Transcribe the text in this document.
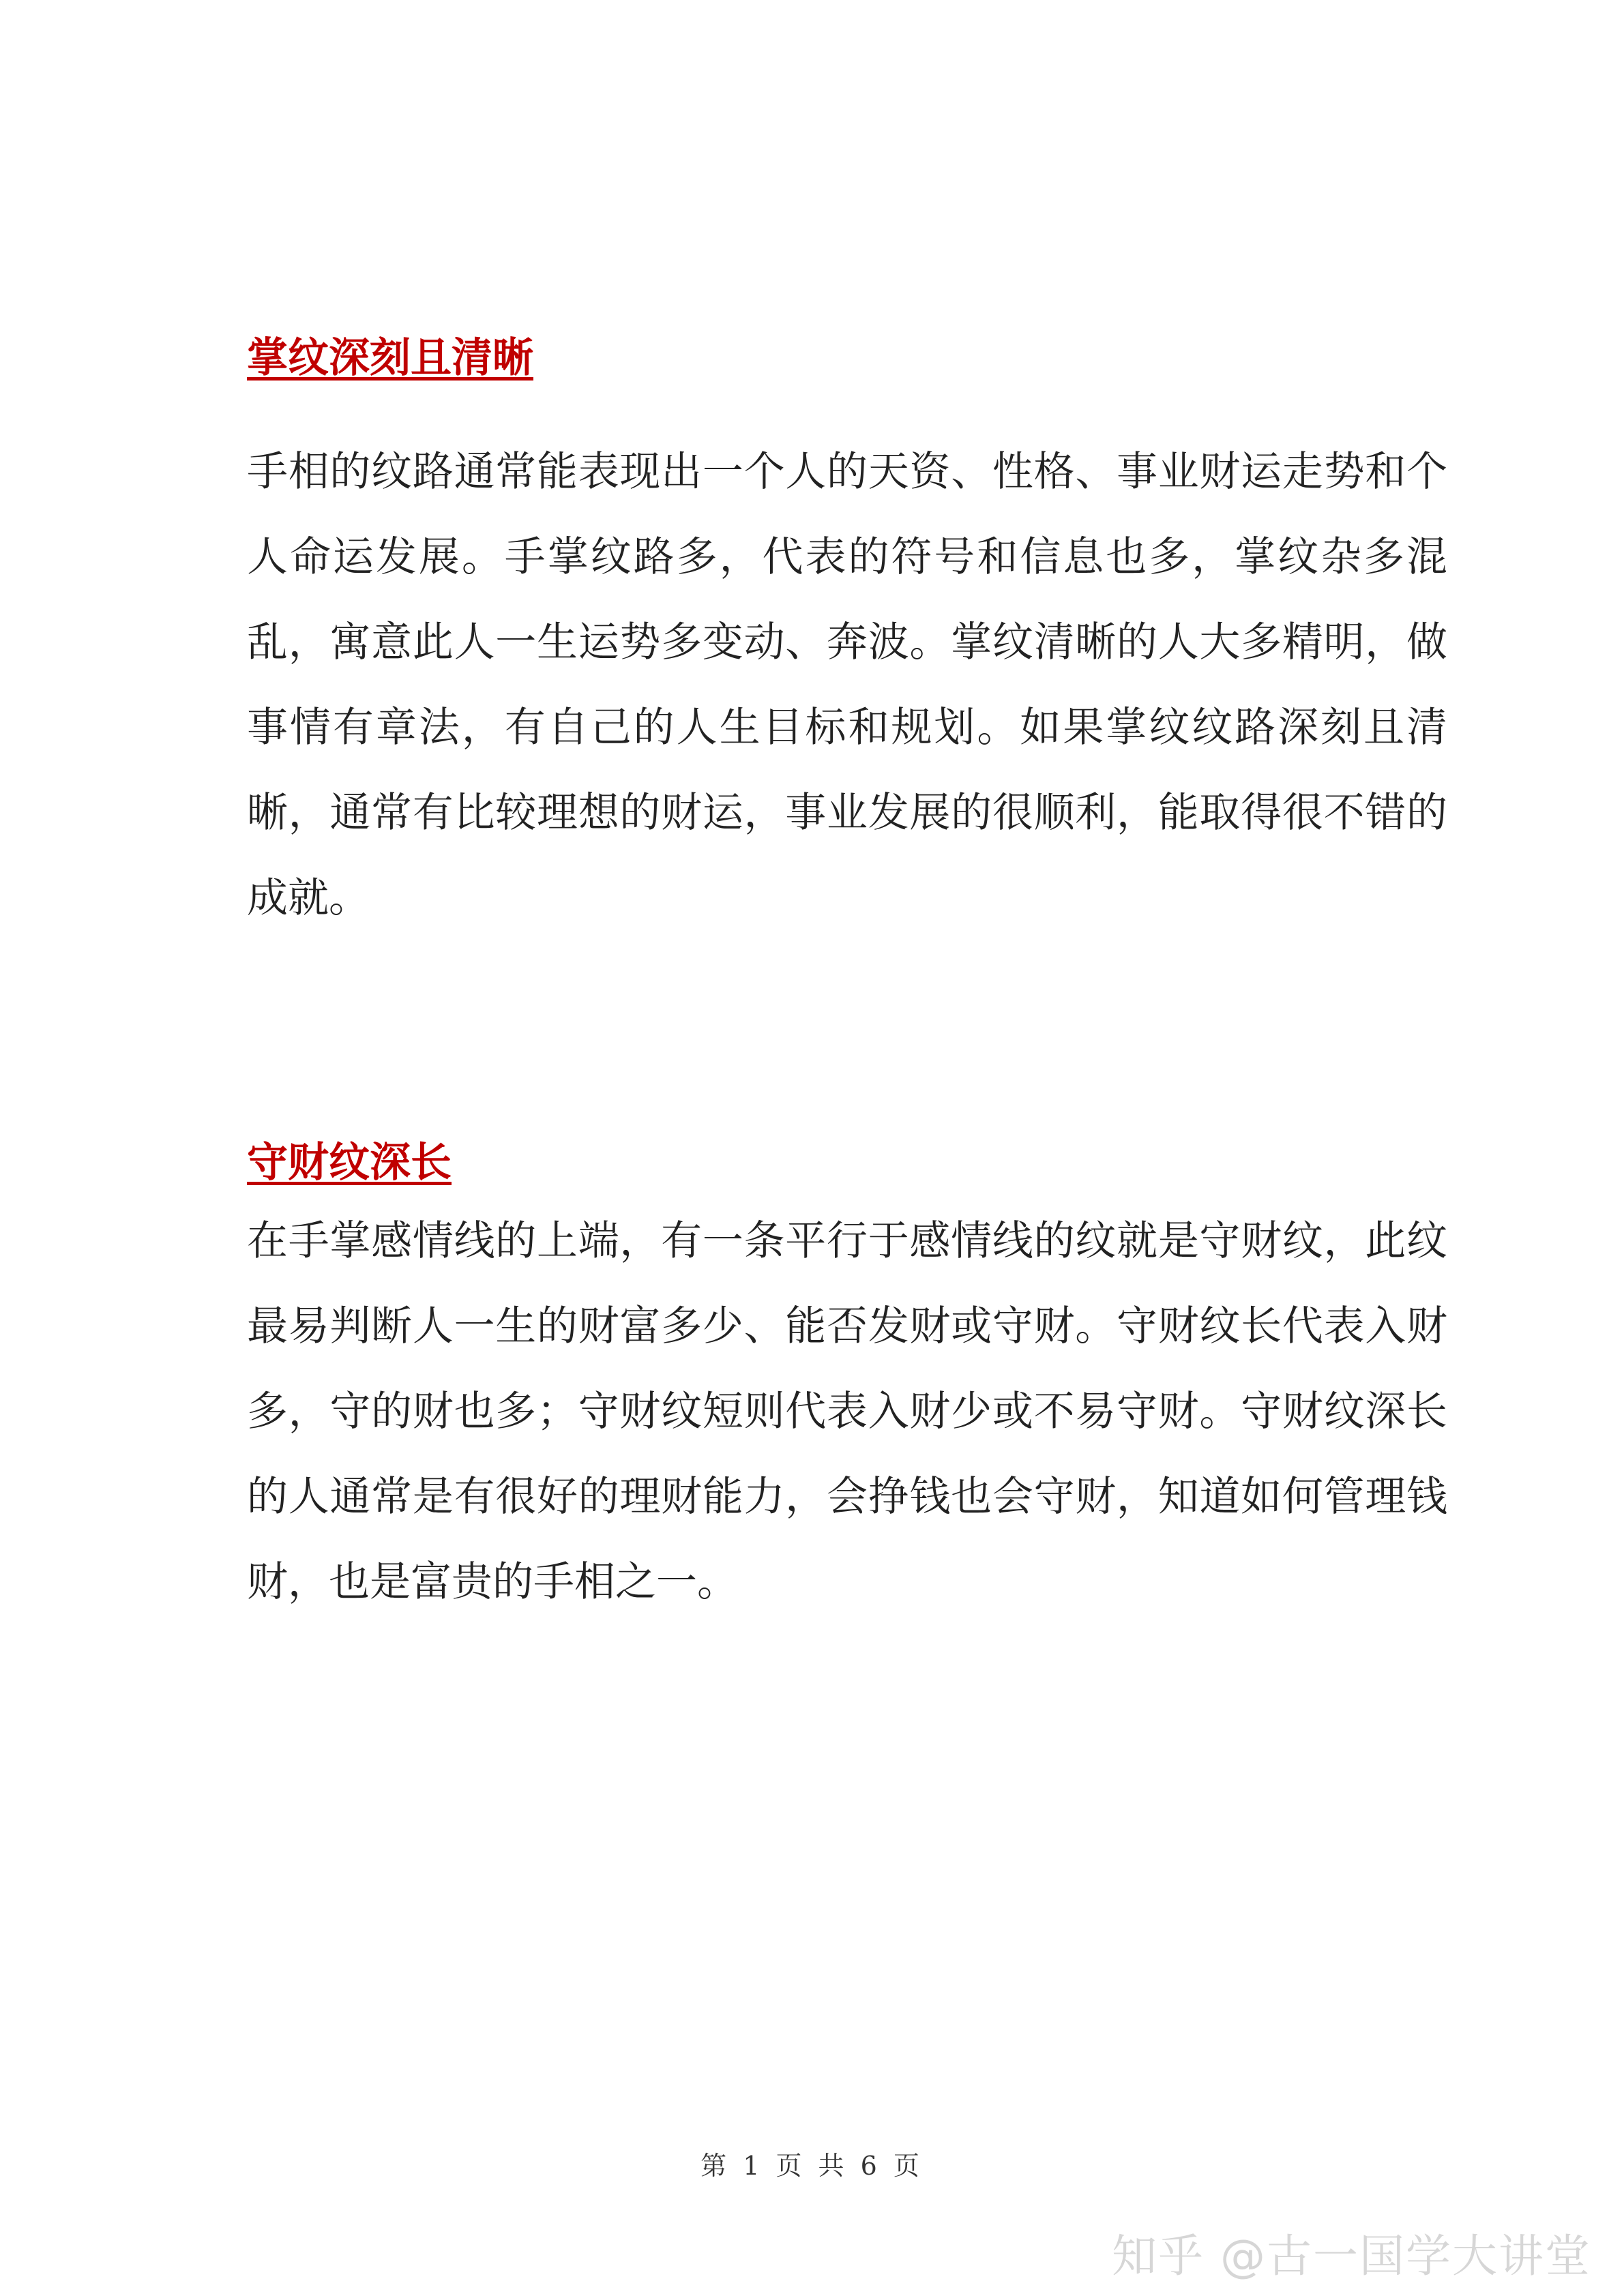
掌纹深刻且清晰

手相的纹路通常能表现出一个人的天资、性格、事业财运走势和个人命运发展。手掌纹路多，代表的符号和信息也多，掌纹杂多混乱，寓意此人一生运势多变动、奔波。掌纹清晰的人大多精明，做事情有章法，有自己的人生目标和规划。如果掌纹纹路深刻且清晰，通常有比较理想的财运，事业发展的很顺利，能取得很不错的成就。

守财纹深长

在手掌感情线的上端，有一条平行于感情线的纹就是守财纹，此纹最易判断人一生的财富多少、能否发财或守财。守财纹长代表入财多，守的财也多；守财纹短则代表入财少或不易守财。守财纹深长的人通常是有很好的理财能力，会挣钱也会守财，知道如何管理钱财，也是富贵的手相之一。

第 1 页 共 6 页
知乎 @古一国学大讲堂
